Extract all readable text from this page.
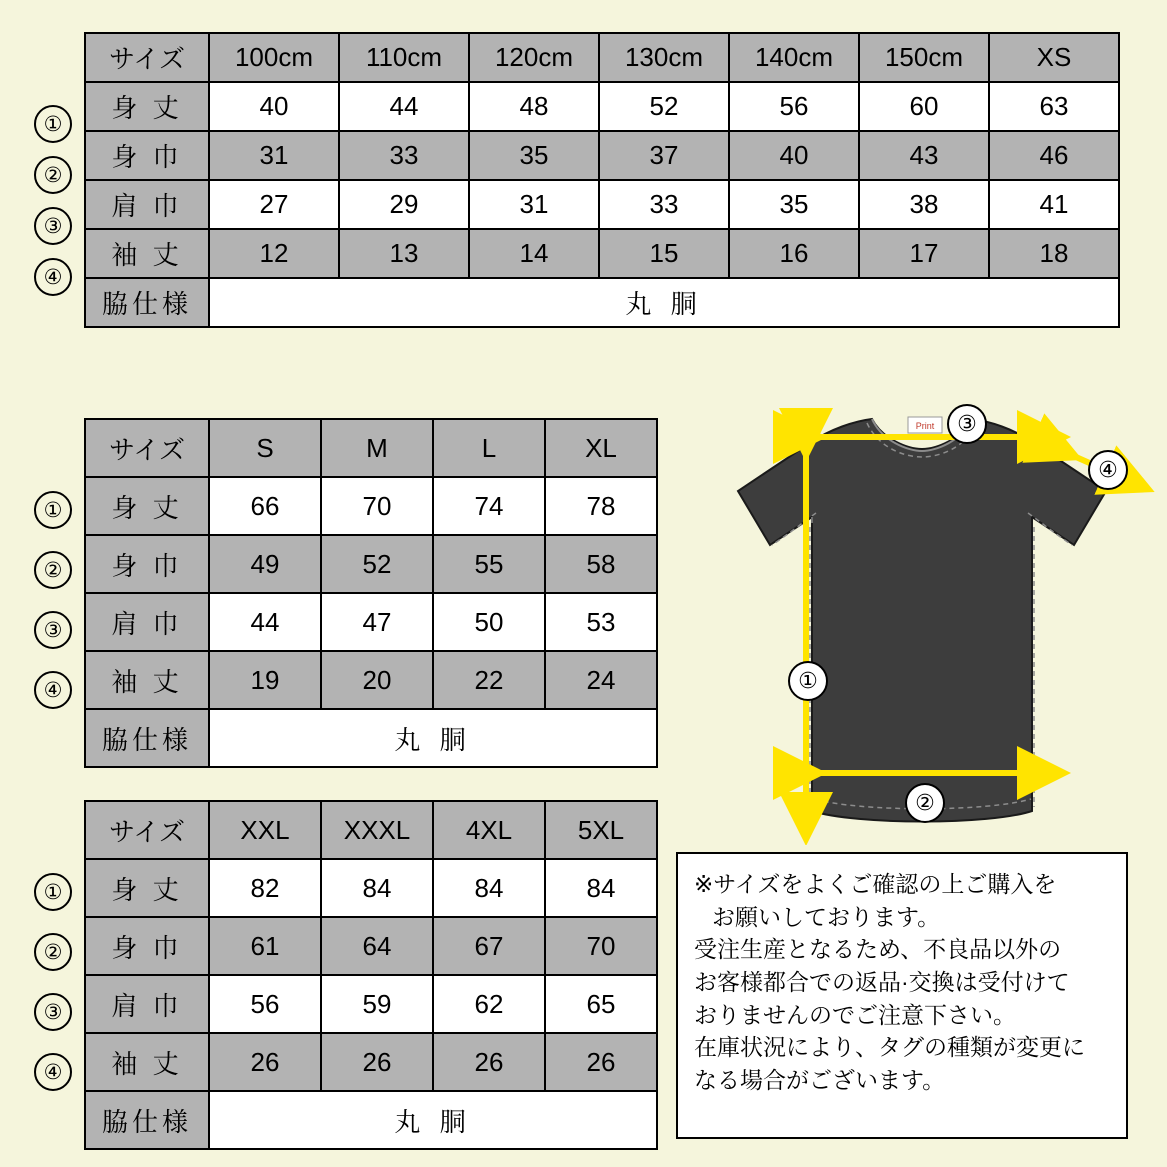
①
②
③
④
サイズ	100cm	110cm	120cm	130cm	140cm	150cm	XS
身 丈	40	44	48	52	56	60	63
身 巾	31	33	35	37	40	43	46
肩 巾	27	29	31	33	35	38	41
袖 丈	12	13	14	15	16	17	18
脇仕様	丸 胴						
①
②
③
④
サイズ	S	M	L	XL
身 丈	66	70	74	78
身 巾	49	52	55	58
肩 巾	44	47	50	53
袖 丈	19	20	22	24
脇仕様	丸 胴			
①
②
③
④
サイズ	XXL	XXXL	4XL	5XL
身 丈	82	84	84	84
身 巾	61	64	67	70
肩 巾	56	59	62	65
袖 丈	26	26	26	26
脇仕様	丸 胴			
Print	③
④
①
②

※サイズをよくご確認の上ご購入を

お願いしております。

受注生産となるため、不良品以外の

お客様都合での返品·交換は受付けて

おりませんのでご注意下さい。

在庫状況により、タグの種類が変更に

なる場合がございます。
